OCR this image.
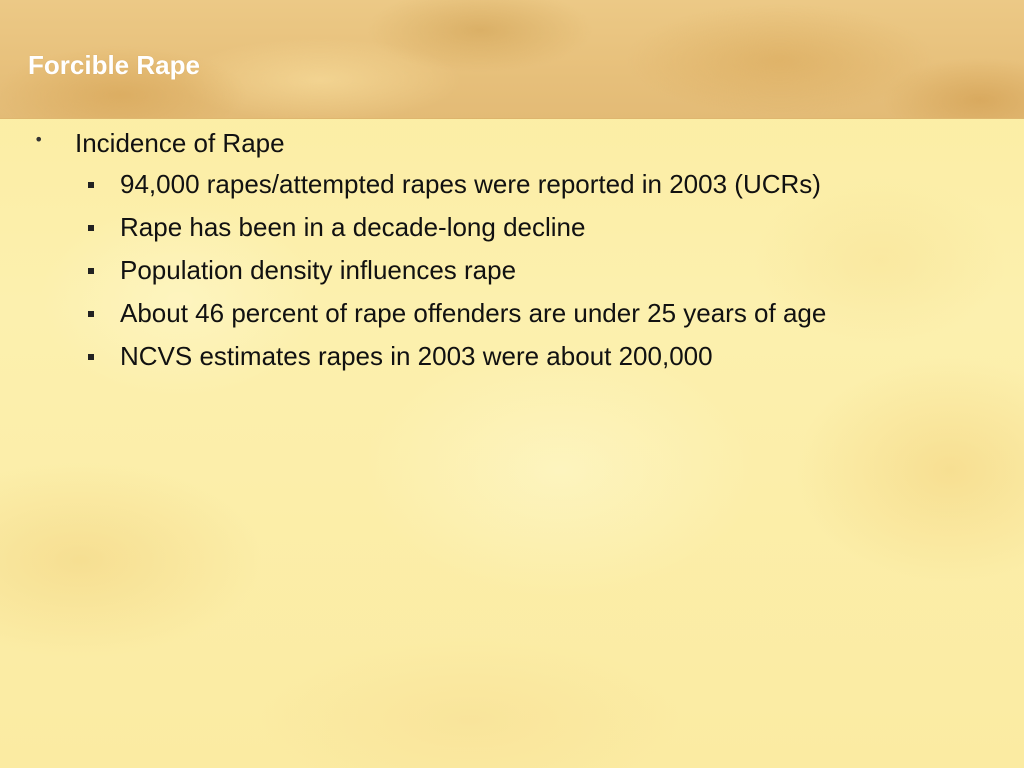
Forcible Rape
• Incidence of Rape
94,000 rapes/attempted rapes were reported in 2003 (UCRs)
Rape has been in a decade-long decline
Population density influences rape
About 46 percent of rape offenders are under 25 years of age
NCVS estimates rapes in 2003 were about 200,000
